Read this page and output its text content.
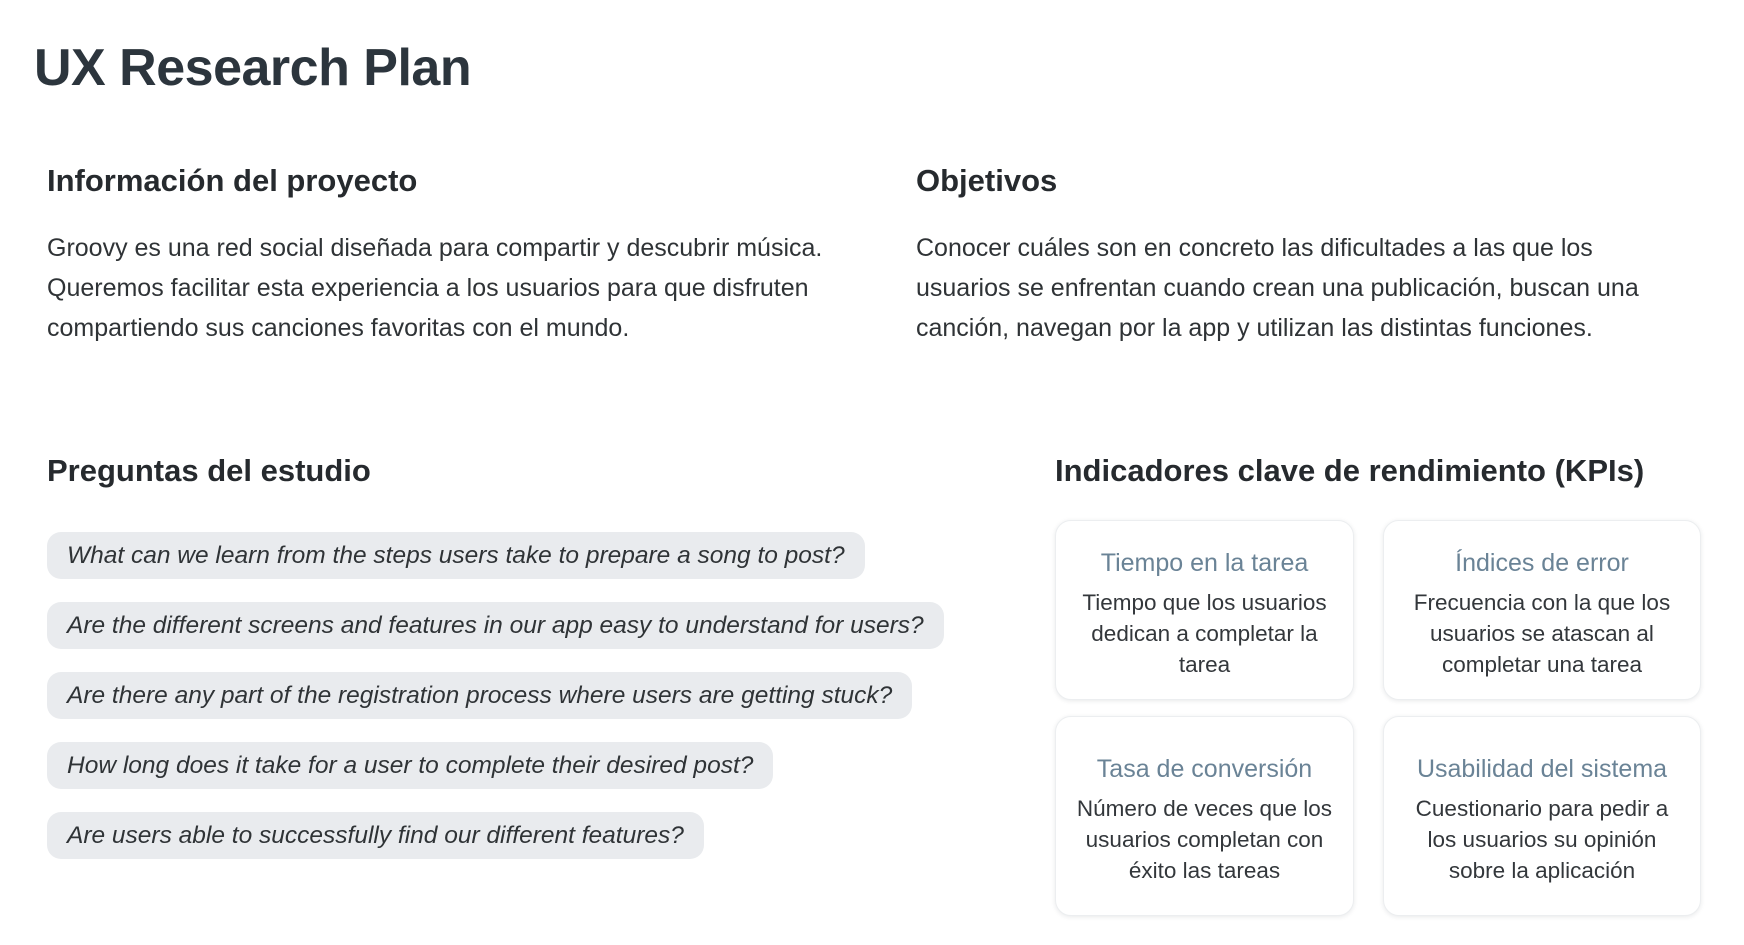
UX Research Plan
Información del proyecto

Groovy es una red social diseñada para compartir y descubrir música. Queremos facilitar esta experiencia a los usuarios para que disfruten compartiendo sus canciones favoritas con el mundo.

Objetivos

Conocer cuáles son en concreto las dificultades a las que los usuarios se enfrentan cuando crean una publicación, buscan una canción, navegan por la app y utilizan las distintas funciones.

Preguntas del estudio
What can we learn from the steps users take to prepare a song to post?
Are the different screens and features in our app easy to understand for users?
Are there any part of the registration process where users are getting stuck?
How long does it take for a user to complete their desired post?
Are users able to successfully find our different features?
Indicadores clave de rendimiento (KPIs)
Tiempo en la tarea
Tiempo que los usuarios dedican a completar la tarea
Índices de error
Frecuencia con la que los usuarios se atascan al completar una tarea
Tasa de conversión
Número de veces que los usuarios completan con éxito las tareas
Usabilidad del sistema
Cuestionario para pedir a los usuarios su opinión sobre la aplicación
